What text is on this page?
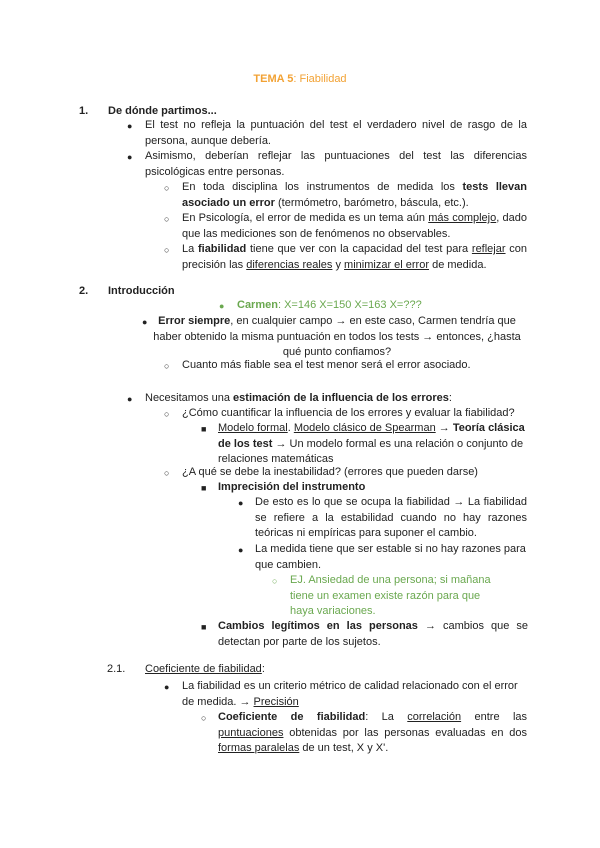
TEMA 5: Fiabilidad
1. De dónde partimos...
● El test no refleja la puntuación del test el verdadero nivel de rasgo de la persona, aunque debería.
● Asimismo, deberían reflejar las puntuaciones del test las diferencias psicológicas entre personas.
○ En toda disciplina los instrumentos de medida los tests llevan asociado un error (termómetro, barómetro, báscula, etc.).
○ En Psicología, el error de medida es un tema aún más complejo, dado que las mediciones son de fenómenos no observables.
○ La fiabilidad tiene que ver con la capacidad del test para reflejar con precisión las diferencias reales y minimizar el error de medida.
2. Introducción
● Carmen: X=146 X=150 X=163 X=???
● Error siempre, en cualquier campo → en este caso, Carmen tendría que haber obtenido la misma puntuación en todos los tests → entonces, ¿hasta qué punto confiamos?
○ Cuanto más fiable sea el test menor será el error asociado.
● Necesitamos una estimación de la influencia de los errores:
○ ¿Cómo cuantificar la influencia de los errores y evaluar la fiabilidad?
■ Modelo formal. Modelo clásico de Spearman → Teoría clásica de los test → Un modelo formal es una relación o conjunto de relaciones matemáticas
○ ¿A qué se debe la inestabilidad? (errores que pueden darse)
■ Imprecisión del instrumento
● De esto es lo que se ocupa la fiabilidad → La fiabilidad se refiere a la estabilidad cuando no hay razones teóricas ni empíricas para suponer el cambio.
● La medida tiene que ser estable si no hay razones para que cambien.
○ EJ. Ansiedad de una persona; si mañana tiene un examen existe razón para que haya variaciones.
■ Cambios legítimos en las personas → cambios que se detectan por parte de los sujetos.
2.1. Coeficiente de fiabilidad:
● La fiabilidad es un criterio métrico de calidad relacionado con el error de medida. → Precisión
○ Coeficiente de fiabilidad: La correlación entre las puntuaciones obtenidas por las personas evaluadas en dos formas paralelas de un test, X y X'.
